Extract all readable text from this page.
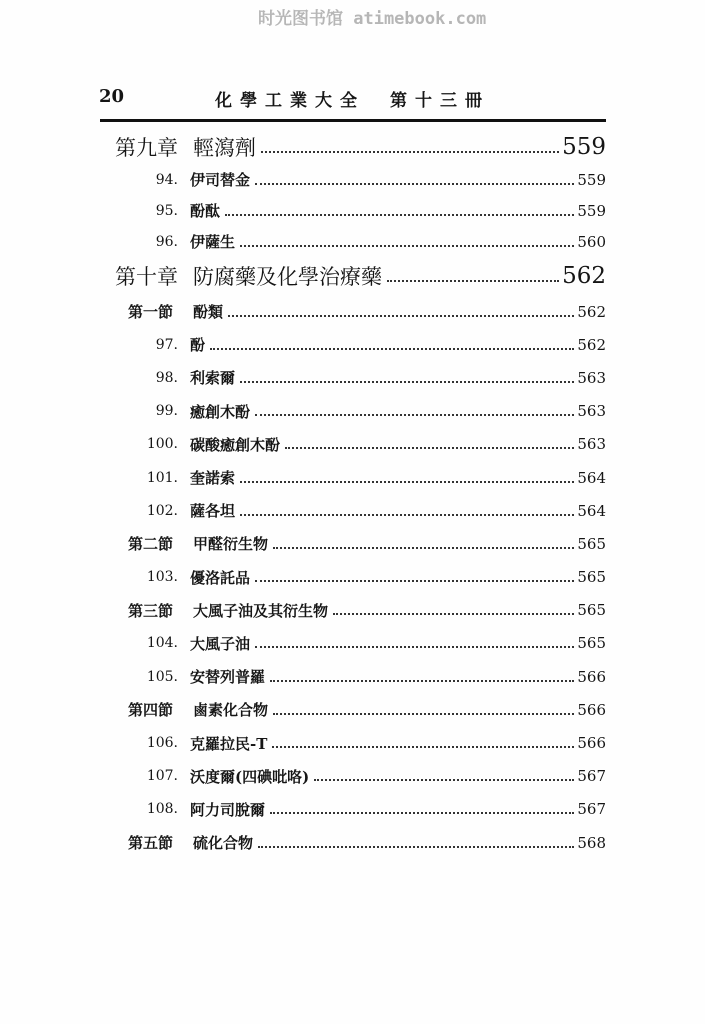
时光图书馆 atimebook.com
20	化學工業大全　第十三冊
第九章 輕瀉劑	559
94. 伊司替金	559
95. 酚酞	559
96. 伊薩生	560
第十章 防腐藥及化學治療藥	562
第一節	酚類	562
97. 酚	562
98. 利索爾	563
99. 癒創木酚	563
100. 碳酸癒創木酚	563
101. 奎諾索	564
102. 薩各坦	564
第二節	甲醛衍生物	565
103. 優洛託品	565
第三節	大風子油及其衍生物	565
104. 大風子油	565
105. 安替列普羅	566
第四節	鹵素化合物	566
106. 克羅拉民-T	566
107. 沃度爾(四碘吡咯)	567
108. 阿力司脫爾	567
第五節	硫化合物	568
